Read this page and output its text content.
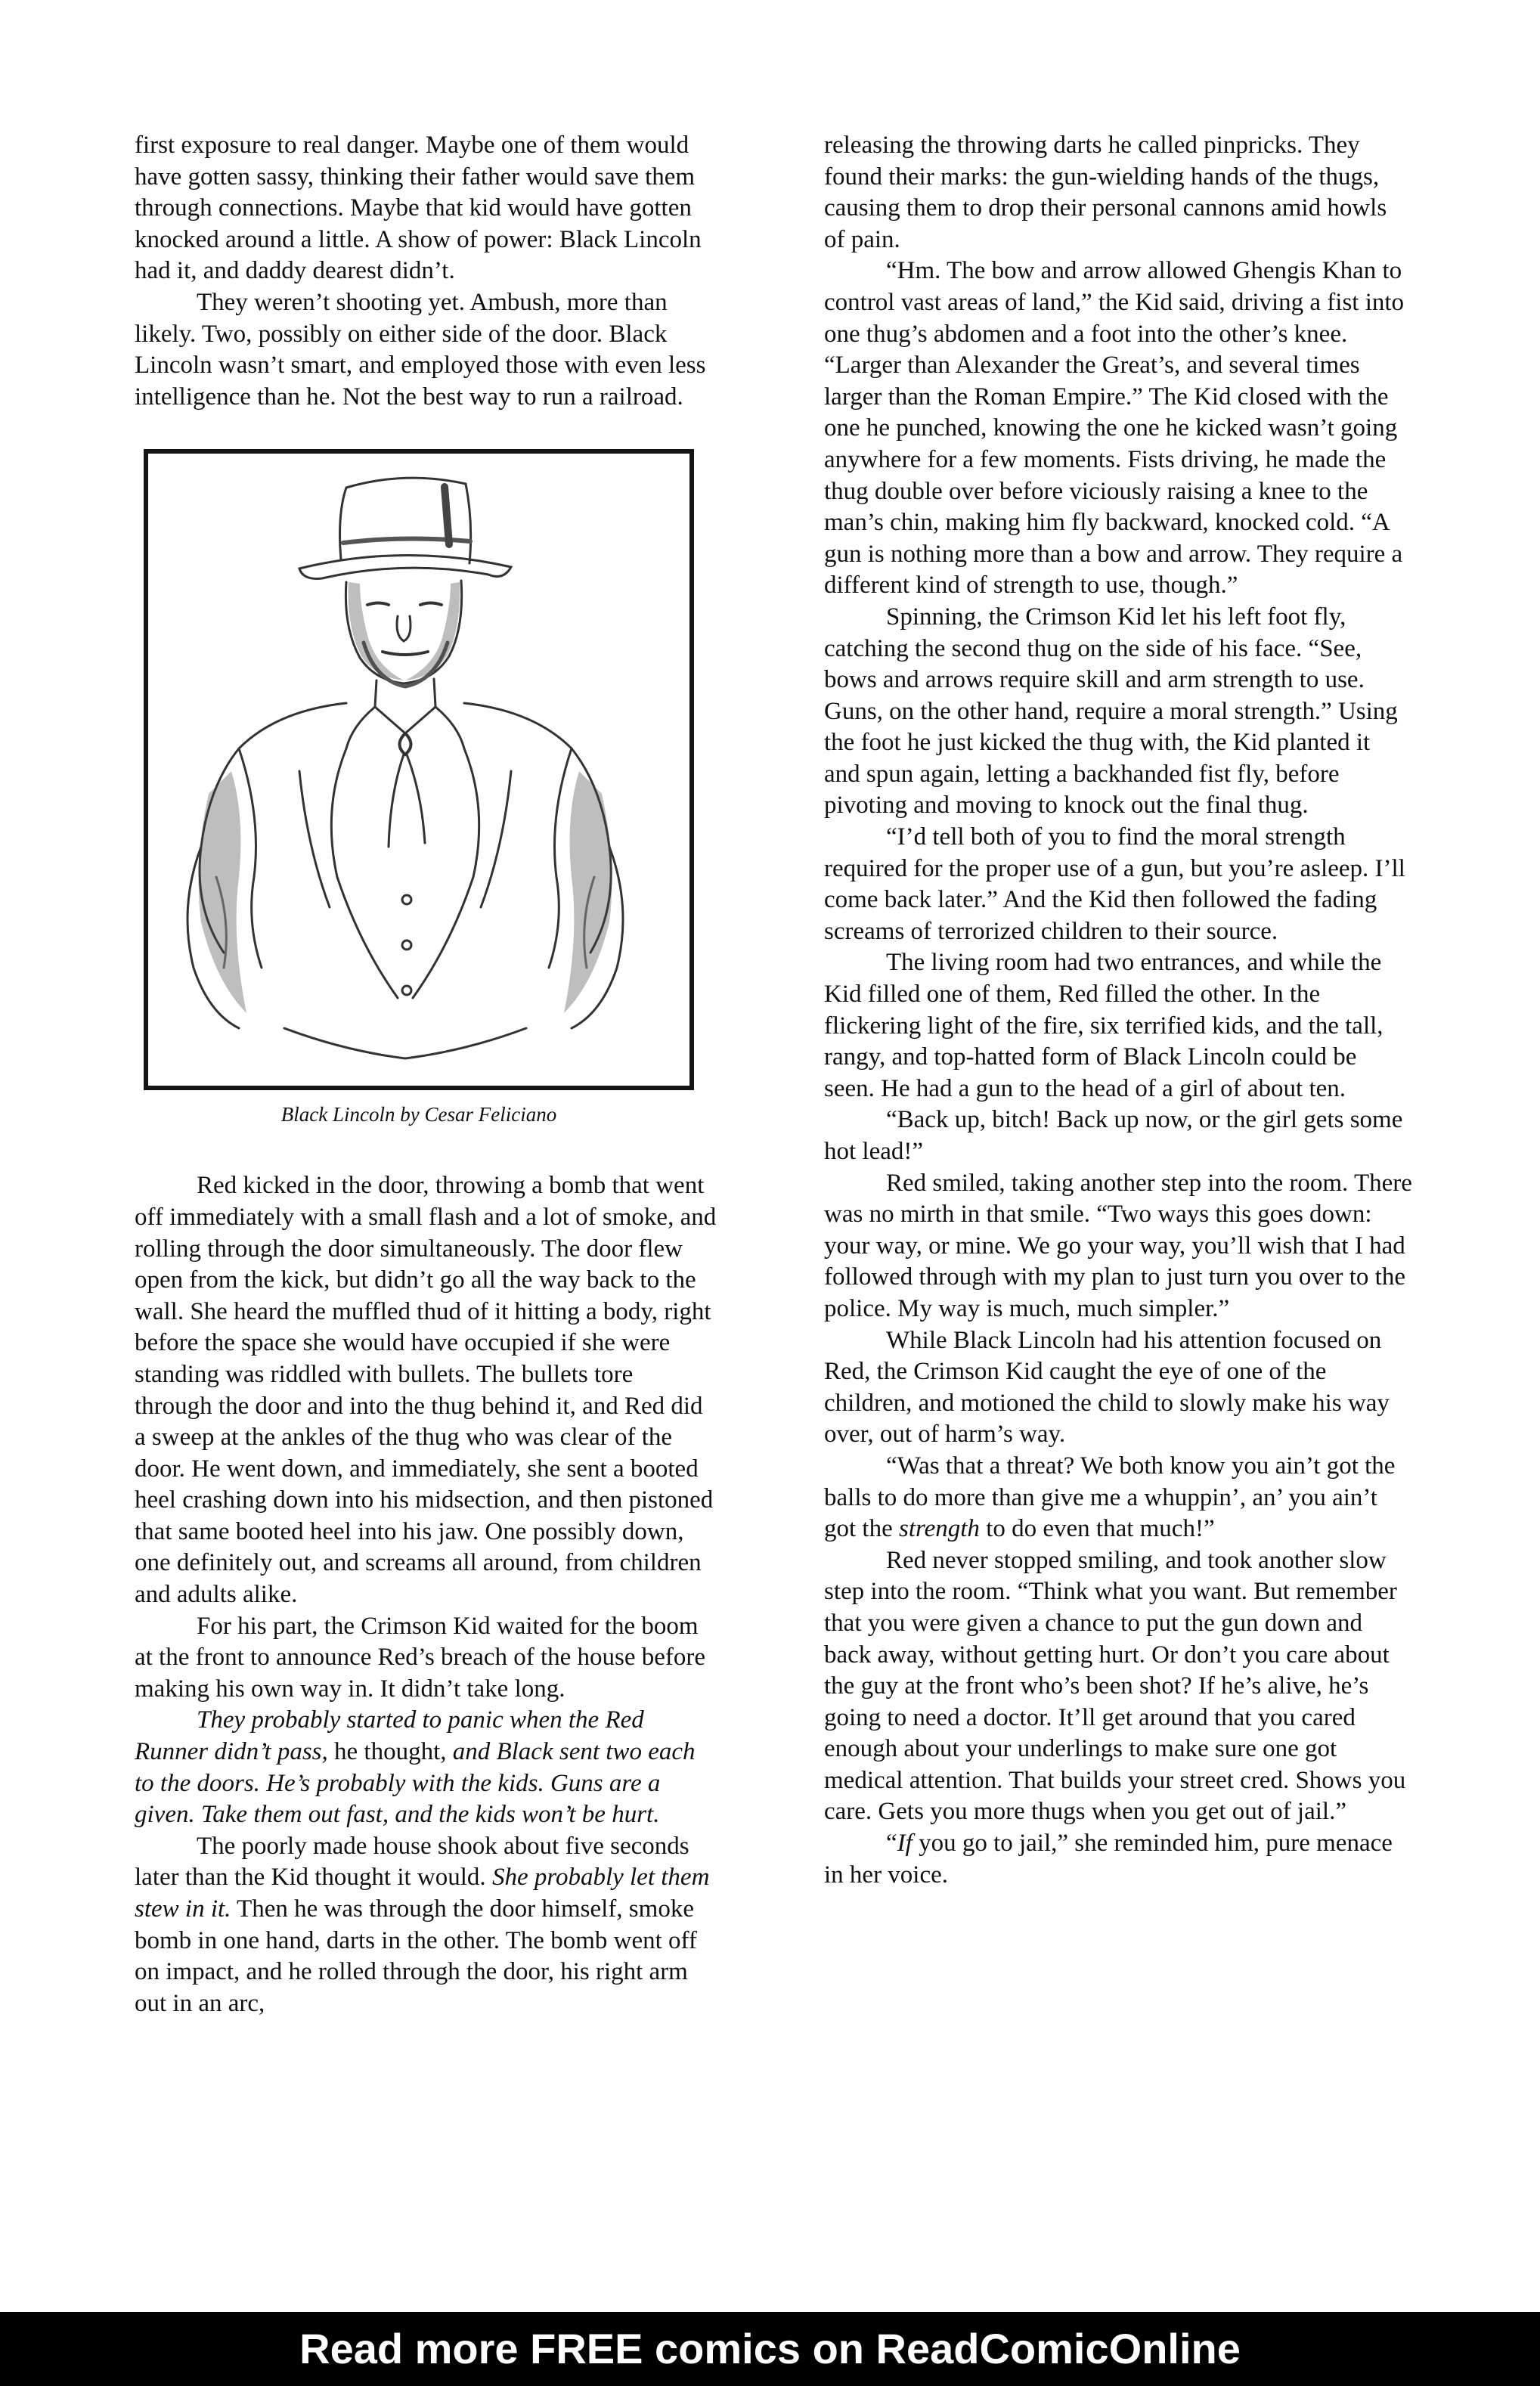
first exposure to real danger. Maybe one of them would have gotten sassy, thinking their father would save them through connections. Maybe that kid would have gotten knocked around a little. A show of power: Black Lincoln had it, and daddy dearest didn’t.

They weren’t shooting yet. Ambush, more than likely. Two, possibly on either side of the door. Black Lincoln wasn’t smart, and employed those with even less intelligence than he. Not the best way to run a railroad.

Black Lincoln by Cesar Feliciano

Red kicked in the door, throwing a bomb that went off immediately with a small flash and a lot of smoke, and rolling through the door simultaneously. The door flew open from the kick, but didn’t go all the way back to the wall. She heard the muffled thud of it hitting a body, right before the space she would have occupied if she were standing was riddled with bullets. The bullets tore through the door and into the thug behind it, and Red did a sweep at the ankles of the thug who was clear of the door. He went down, and immediately, she sent a booted heel crashing down into his midsection, and then pistoned that same booted heel into his jaw. One possibly down, one definitely out, and screams all around, from children and adults alike.

For his part, the Crimson Kid waited for the boom at the front to announce Red’s breach of the house before making his own way in. It didn’t take long.

They probably started to panic when the Red Runner didn’t pass, he thought, and Black sent two each to the doors. He’s probably with the kids. Guns are a given. Take them out fast, and the kids won’t be hurt.

The poorly made house shook about five seconds later than the Kid thought it would. She probably let them stew in it. Then he was through the door himself, smoke bomb in one hand, darts in the other. The bomb went off on impact, and he rolled through the door, his right arm out in an arc,

releasing the throwing darts he called pinpricks. They found their marks: the gun-wielding hands of the thugs, causing them to drop their personal cannons amid howls of pain.

“Hm. The bow and arrow allowed Ghengis Khan to control vast areas of land,” the Kid said, driving a fist into one thug’s abdomen and a foot into the other’s knee. “Larger than Alexander the Great’s, and several times larger than the Roman Empire.” The Kid closed with the one he punched, knowing the one he kicked wasn’t going anywhere for a few moments. Fists driving, he made the thug double over before viciously raising a knee to the man’s chin, making him fly backward, knocked cold. “A gun is nothing more than a bow and arrow. They require a different kind of strength to use, though.”

Spinning, the Crimson Kid let his left foot fly, catching the second thug on the side of his face. “See, bows and arrows require skill and arm strength to use. Guns, on the other hand, require a moral strength.” Using the foot he just kicked the thug with, the Kid planted it and spun again, letting a backhanded fist fly, before pivoting and moving to knock out the final thug.

“I’d tell both of you to find the moral strength required for the proper use of a gun, but you’re asleep. I’ll come back later.” And the Kid then followed the fading screams of terrorized children to their source.

The living room had two entrances, and while the Kid filled one of them, Red filled the other. In the flickering light of the fire, six terrified kids, and the tall, rangy, and top-hatted form of Black Lincoln could be seen. He had a gun to the head of a girl of about ten.

“Back up, bitch! Back up now, or the girl gets some hot lead!”

Red smiled, taking another step into the room. There was no mirth in that smile. “Two ways this goes down: your way, or mine. We go your way, you’ll wish that I had followed through with my plan to just turn you over to the police. My way is much, much simpler.”

While Black Lincoln had his attention focused on Red, the Crimson Kid caught the eye of one of the children, and motioned the child to slowly make his way over, out of harm’s way.

“Was that a threat? We both know you ain’t got the balls to do more than give me a whuppin’, an’ you ain’t got the strength to do even that much!”

Red never stopped smiling, and took another slow step into the room. “Think what you want. But remember that you were given a chance to put the gun down and back away, without getting hurt. Or don’t you care about the guy at the front who’s been shot? If he’s alive, he’s going to need a doctor. It’ll get around that you cared enough about your underlings to make sure one got medical attention. That builds your street cred. Shows you care. Gets you more thugs when you get out of jail.”

“If you go to jail,” she reminded him, pure menace in her voice.

Read more FREE comics on ReadComicOnline
